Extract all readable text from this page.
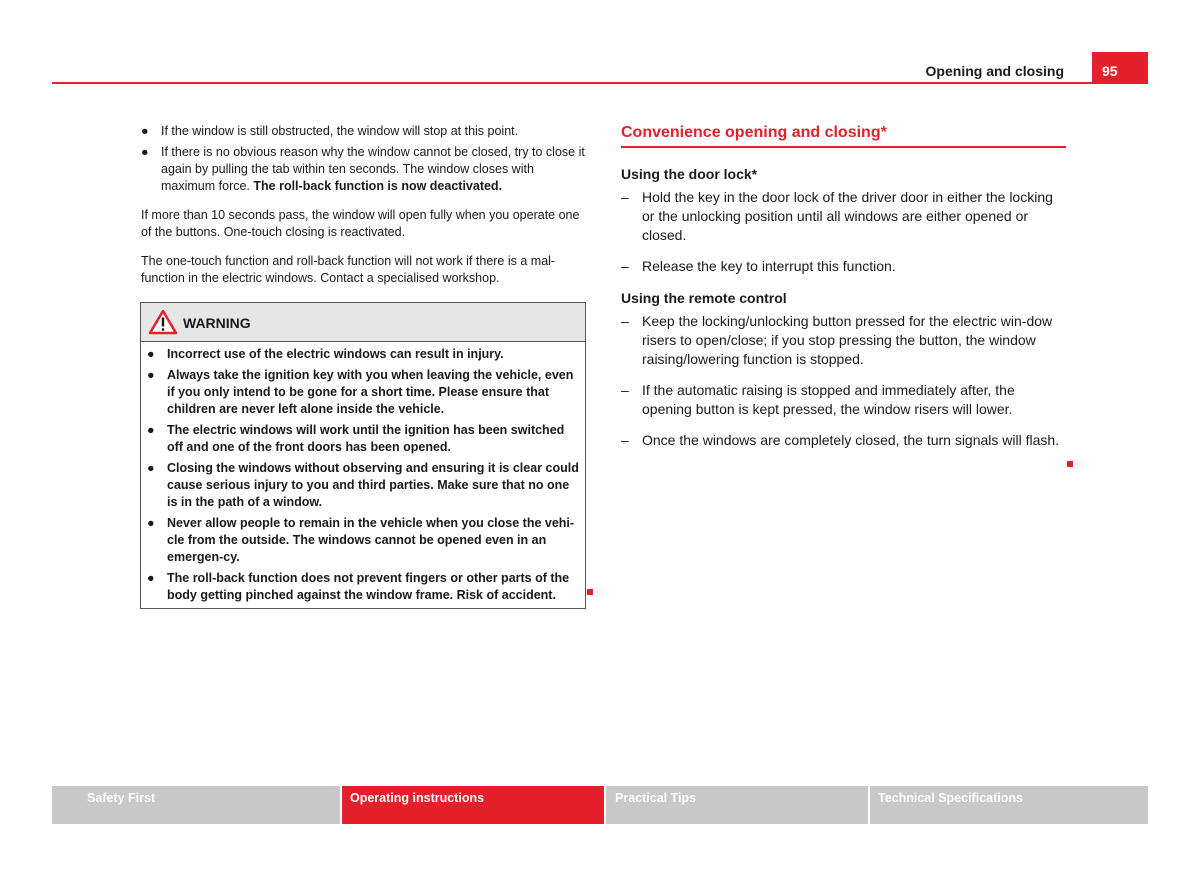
Opening and closing	95
● If the window is still obstructed, the window will stop at this point.
● If there is no obvious reason why the window cannot be closed, try to close it again by pulling the tab within ten seconds. The window closes with maximum force. The roll-back function is now deactivated.

If more than 10 seconds pass, the window will open fully when you operate one of the buttons. One-touch closing is reactivated.

The one-touch function and roll-back function will not work if there is a mal-function in the electric windows. Contact a specialised workshop.

WARNING
● Incorrect use of the electric windows can result in injury.
● Always take the ignition key with you when leaving the vehicle, even if you only intend to be gone for a short time. Please ensure that children are never left alone inside the vehicle.
● The electric windows will work until the ignition has been switched off and one of the front doors has been opened.
● Closing the windows without observing and ensuring it is clear could cause serious injury to you and third parties. Make sure that no one is in the path of a window.
● Never allow people to remain in the vehicle when you close the vehi-cle from the outside. The windows cannot be opened even in an emergen-cy.
● The roll-back function does not prevent fingers or other parts of the body getting pinched against the window frame. Risk of accident.
Convenience opening and closing*
Using the door lock*
– Hold the key in the door lock of the driver door in either the locking or the unlocking position until all windows are either opened or closed.
– Release the key to interrupt this function.
Using the remote control
– Keep the locking/unlocking button pressed for the electric win-dow risers to open/close; if you stop pressing the button, the window raising/lowering function is stopped.
– If the automatic raising is stopped and immediately after, the opening button is kept pressed, the window risers will lower.
– Once the windows are completely closed, the turn signals will flash.
Safety First	Operating instructions	Practical Tips	Technical Specifications
